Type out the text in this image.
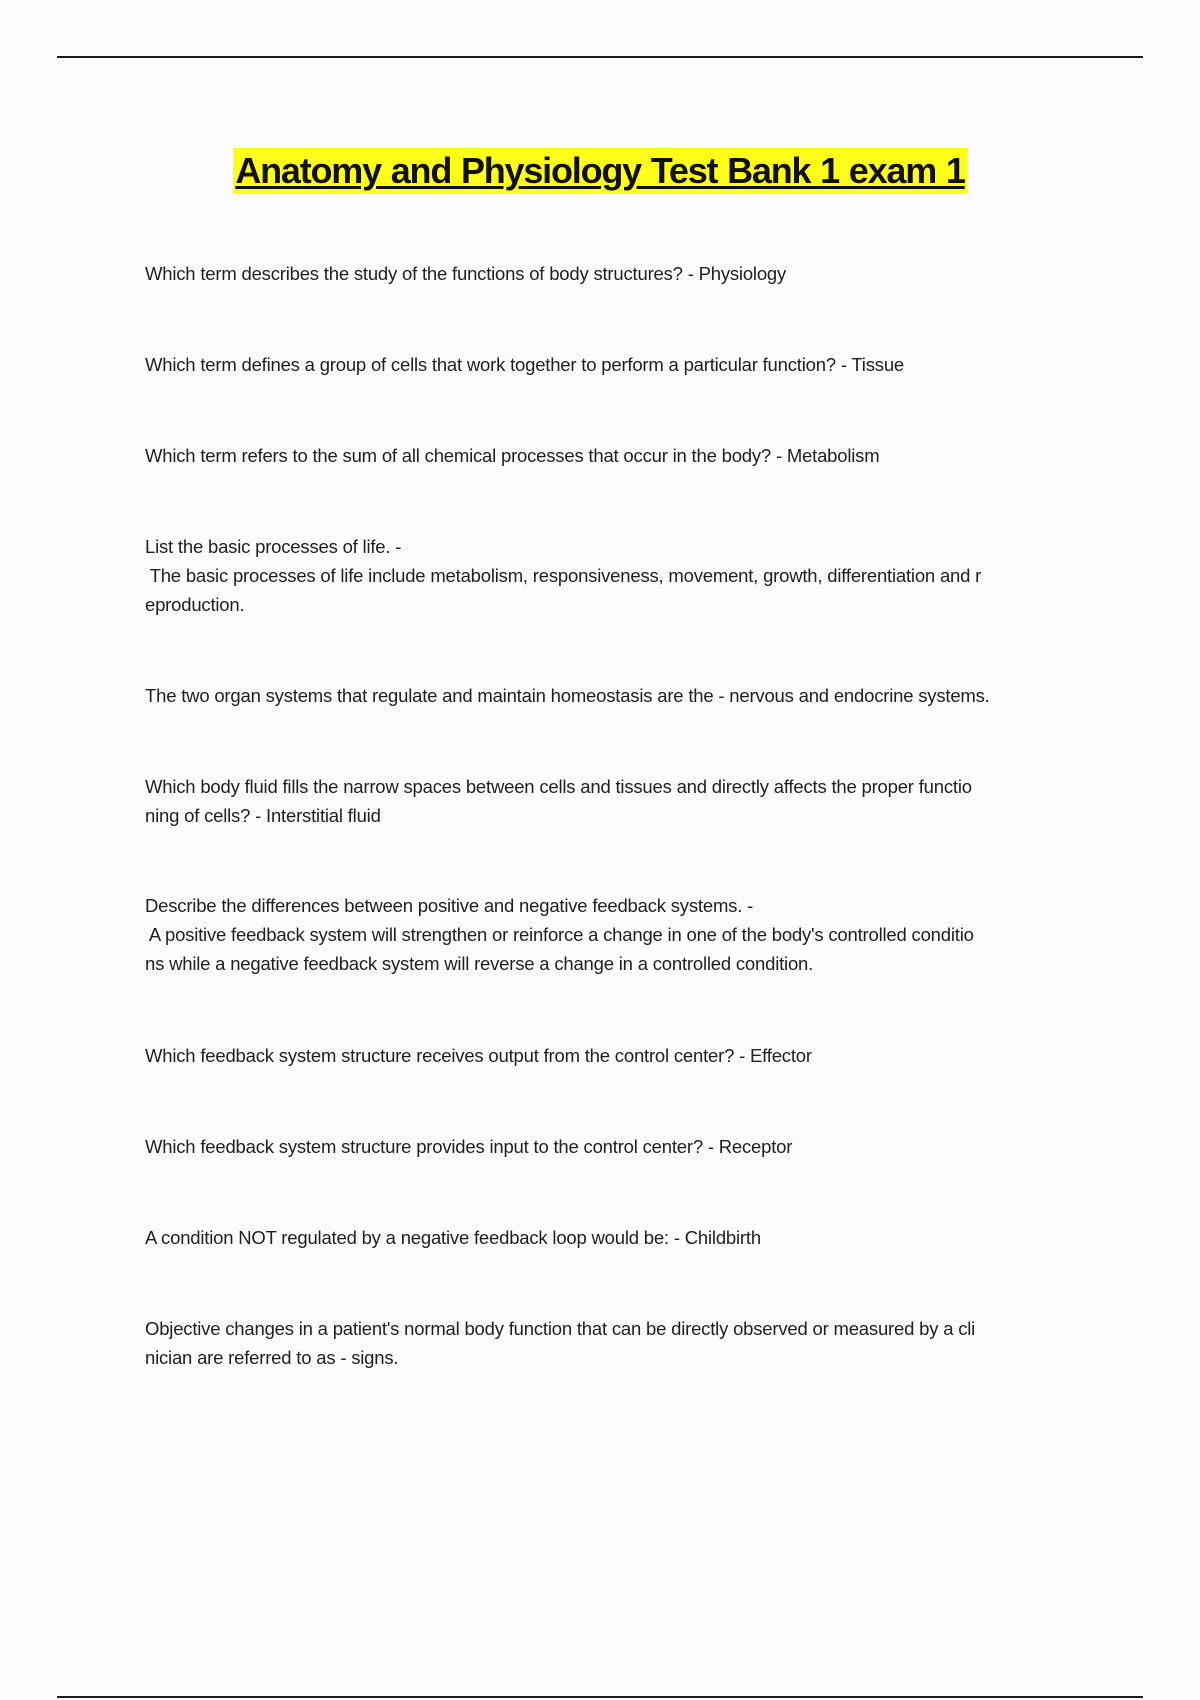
Anatomy and Physiology Test Bank 1 exam 1
Which term describes the study of the functions of body structures? - Physiology
Which term defines a group of cells that work together to perform a particular function? - Tissue
Which term refers to the sum of all chemical processes that occur in the body? - Metabolism
List the basic processes of life. -
The basic processes of life include metabolism, responsiveness, movement, growth, differentiation and r
eproduction.
The two organ systems that regulate and maintain homeostasis are the - nervous and endocrine systems.
Which body fluid fills the narrow spaces between cells and tissues and directly affects the proper functio
ning of cells? - Interstitial fluid
Describe the differences between positive and negative feedback systems. -
A positive feedback system will strengthen or reinforce a change in one of the body's controlled conditio
ns while a negative feedback system will reverse a change in a controlled condition.
Which feedback system structure receives output from the control center? - Effector
Which feedback system structure provides input to the control center? - Receptor
A condition NOT regulated by a negative feedback loop would be: - Childbirth
Objective changes in a patient's normal body function that can be directly observed or measured by a cli
nician are referred to as - signs.
